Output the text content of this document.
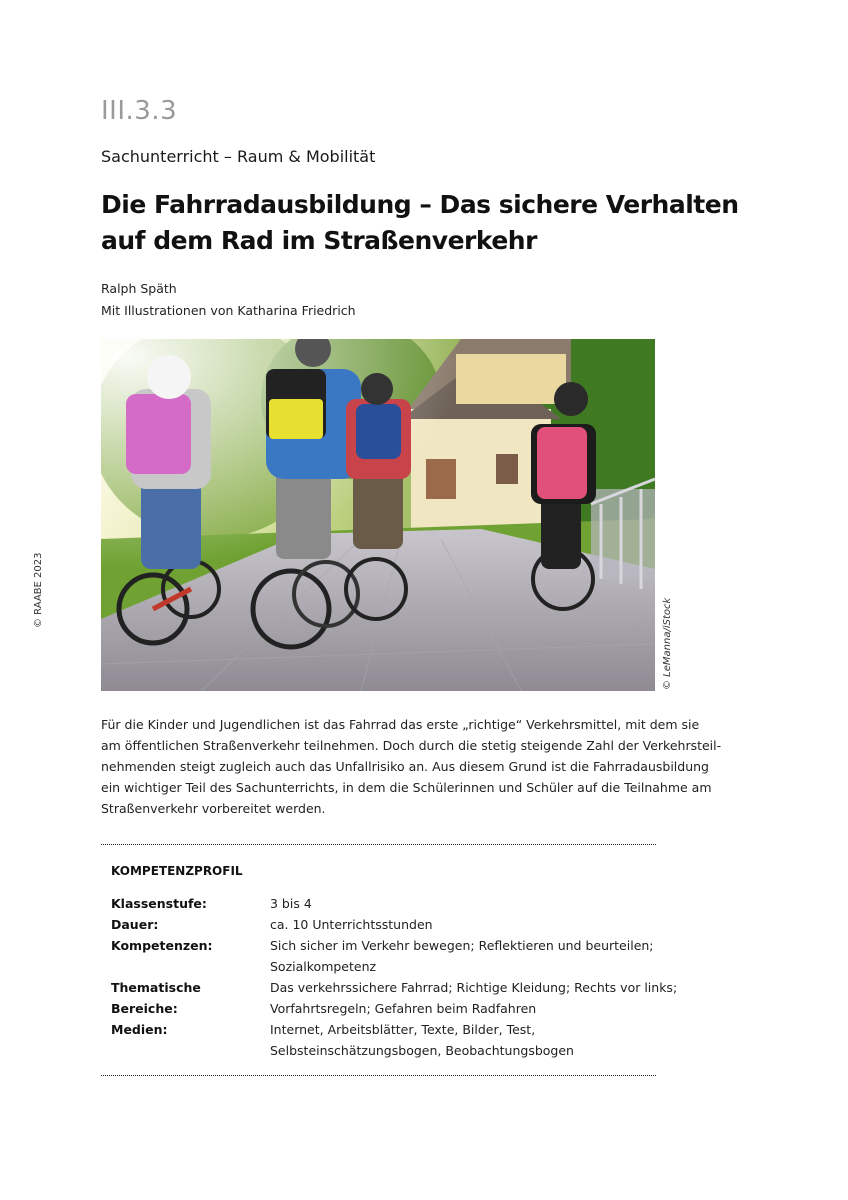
III.3.3
Sachunterricht – Raum & Mobilität
Die Fahrradausbildung – Das sichere Verhalten
auf dem Rad im Straßenverkehr
Ralph Späth
Mit Illustrationen von Katharina Friedrich
© LeManna/iStock
© RAABE 2023
Für die Kinder und Jugendlichen ist das Fahrrad das erste „richtige“ Verkehrsmittel, mit dem sie
am öffentlichen Straßenverkehr teilnehmen. Doch durch die stetig steigende Zahl der Verkehrsteil-
nehmenden steigt zugleich auch das Unfallrisiko an. Aus diesem Grund ist die Fahrradausbildung
ein wichtiger Teil des Sachunterrichts, in dem die Schülerinnen und Schüler auf die Teilnahme am
Straßenverkehr vorbereitet werden.
KOMPETENZPROFIL
Klassenstufe:	3 bis 4
Dauer:	ca. 10 Unterrichtsstunden
Kompetenzen:	Sich sicher im Verkehr bewegen; Reflektieren und beurteilen;
Sozialkompetenz
Thematische Bereiche:
Das verkehrssichere Fahrrad; Richtige Kleidung; Rechts vor links;
Vorfahrtsregeln; Gefahren beim Radfahren
Medien:	Internet, Arbeitsblätter, Texte, Bilder, Test,
Selbsteinschätzungsbogen, Beobachtungsbogen
